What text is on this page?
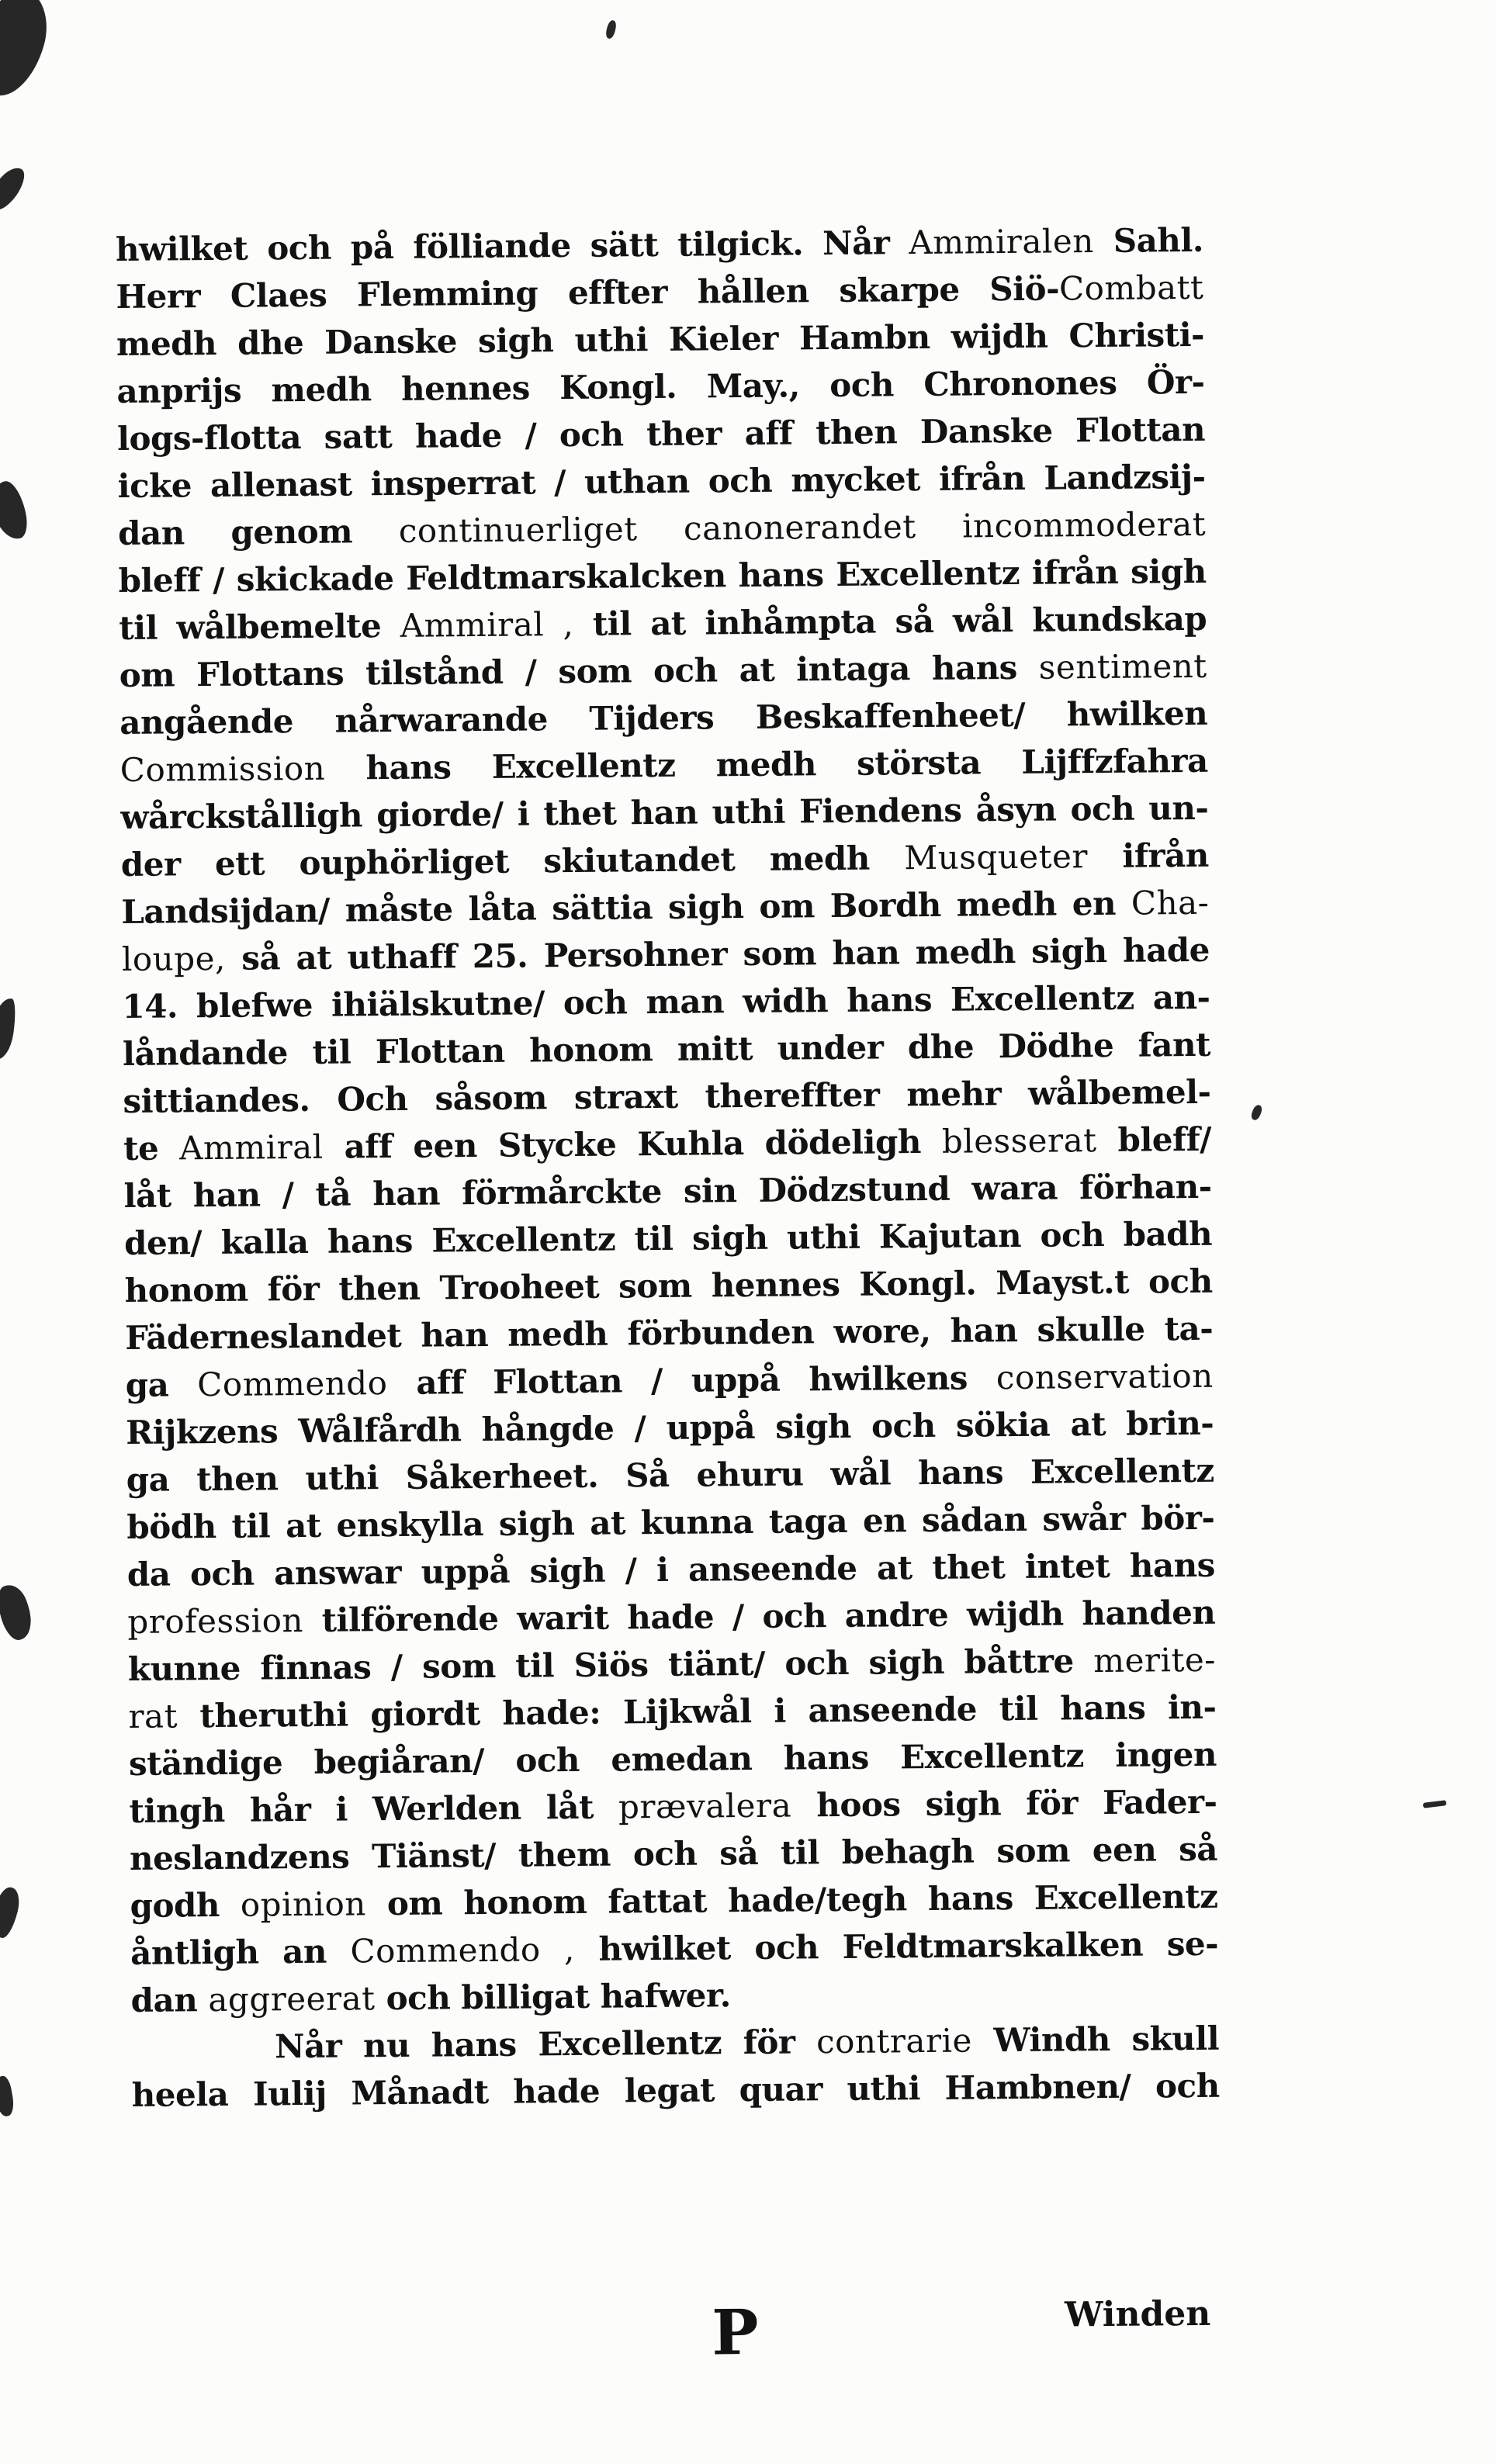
hwilket och på fölliande sätt tilgick. Når Ammiralen Sahl.
Herr Claes Flemming effter hållen skarpe Siö-Combatt
medh dhe Danske sigh uthi Kieler Hambn wijdh Christi-
anprijs medh hennes Kongl. May., och Chronones Ör-
logs-flotta satt hade / och ther aff then Danske Flottan
icke allenast insperrat / uthan och mycket ifrån Landzsij-
dan genom continuerliget canonerandet incommoderat
bleff / skickade Feldtmarskalcken hans Excellentz ifrån sigh
til wålbemelte Ammiral , til at inhåmpta så wål kundskap
om Flottans tilstånd / som och at intaga hans sentiment
angående nårwarande Tijders Beskaffenheet/ hwilken
Commission hans Excellentz medh största Lijffzfahra
wårckstålligh giorde/ i thet han uthi Fiendens åsyn och un-
der ett ouphörliget skiutandet medh Musqueter ifrån
Landsijdan/ måste låta sättia sigh om Bordh medh en Cha-
loupe, så at uthaff 25. Persohner som han medh sigh hade
14. blefwe ihiälskutne/ och man widh hans Excellentz an-
låndande til Flottan honom mitt under dhe Dödhe fant
sittiandes. Och såsom straxt thereffter mehr wålbemel-
te Ammiral aff een Stycke Kuhla dödeligh blesserat bleff/
låt han / tå han förmårckte sin Dödzstund wara förhan-
den/ kalla hans Excellentz til sigh uthi Kajutan och badh
honom för then Trooheet som hennes Kongl. Mayst.t och
Fäderneslandet han medh förbunden wore, han skulle ta-
ga Commendo aff Flottan / uppå hwilkens conservation
Rijkzens Wålfårdh hångde / uppå sigh och sökia at brin-
ga then uthi Såkerheet. Så ehuru wål hans Excellentz
bödh til at enskylla sigh at kunna taga en sådan swår bör-
da och answar uppå sigh / i anseende at thet intet hans
profession tilförende warit hade / och andre wijdh handen
kunne finnas / som til Siös tiänt/ och sigh båttre merite-
rat theruthi giordt hade: Lijkwål i anseende til hans in-
ständige begiåran/ och emedan hans Excellentz ingen
tingh hår i Werlden låt prævalera hoos sigh för Fader-
neslandzens Tiänst/ them och så til behagh som een så
godh opinion om honom fattat hade/tegh hans Excellentz
åntligh an Commendo , hwilket och Feldtmarskalken se-
dan aggreerat och billigat hafwer.
Når nu hans Excellentz för contrarie Windh skull
heela Iulij Månadt hade legat quar uthi Hambnen/ och
P	Winden
